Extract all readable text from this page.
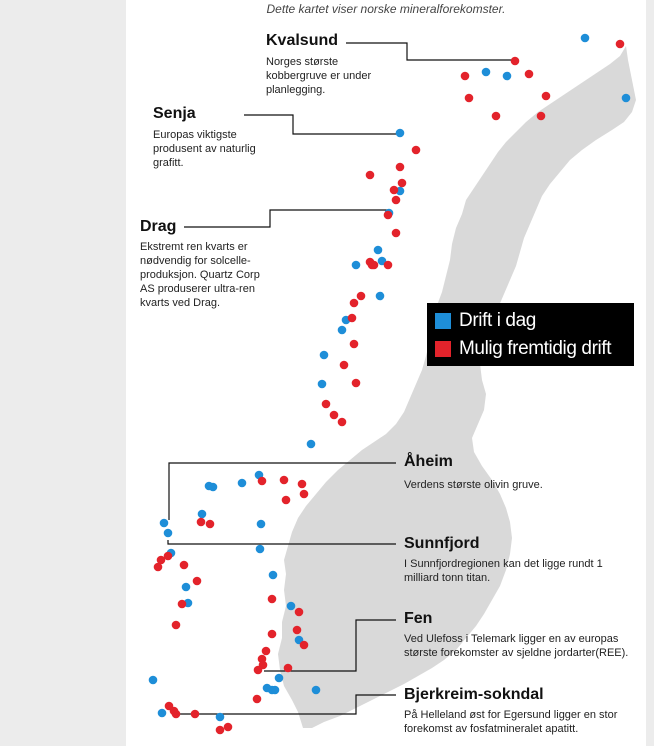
Dette kartet viser norske mineralforekomster.
Kvalsund
Norges største kobbergruve er under planlegging.
Senja
Europas viktigste produsent av naturlig grafitt.
Drag
Ekstremt ren kvarts er nødvendig for solcelle-produksjon. Quartz Corp AS produserer ultra-ren kvarts ved Drag.
Åheim
Verdens største olivin gruve.
Sunnfjord
I Sunnfjordregionen kan det ligge rundt 1 milliard tonn titan.
Fen
Ved Ulefoss i Telemark ligger en av europas største forekomster av sjeldne jordarter(REE).
Bjerkreim-sokndal
På Helleland øst for Egersund ligger en stor forekomst av fosfatmineralet apatitt.
Drift i dag
Mulig fremtidig drift
